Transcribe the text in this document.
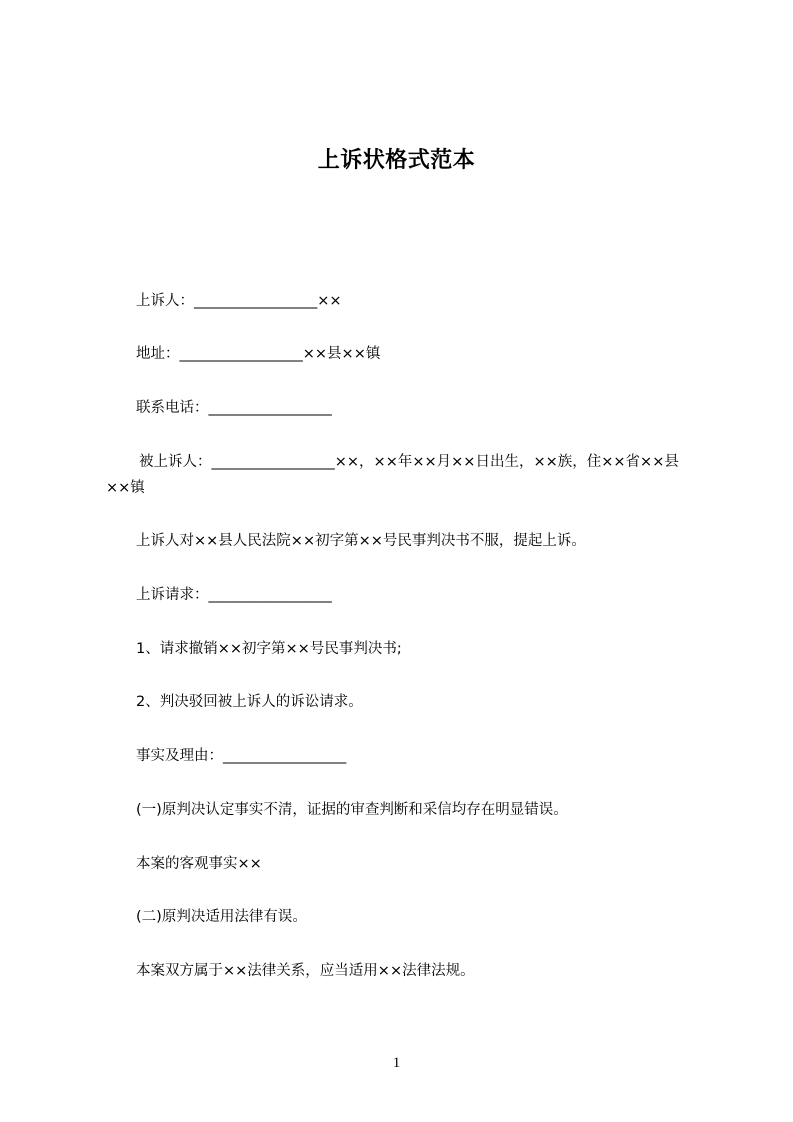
上诉状格式范本

上诉人：_________________××

地址：_________________××县××镇

联系电话：_________________

被上诉人：_________________××，××年××月××日出生，××族，住××省××县××镇

上诉人对××县人民法院××初字第××号民事判决书不服，提起上诉。

上诉请求：_________________

1、请求撤销××初字第××号民事判决书;

2、判决驳回被上诉人的诉讼请求。

事实及理由：_________________

(一)原判决认定事实不清，证据的审查判断和采信均存在明显错误。

本案的客观事实××

(二)原判决适用法律有误。

本案双方属于××法律关系，应当适用××法律法规。

1
